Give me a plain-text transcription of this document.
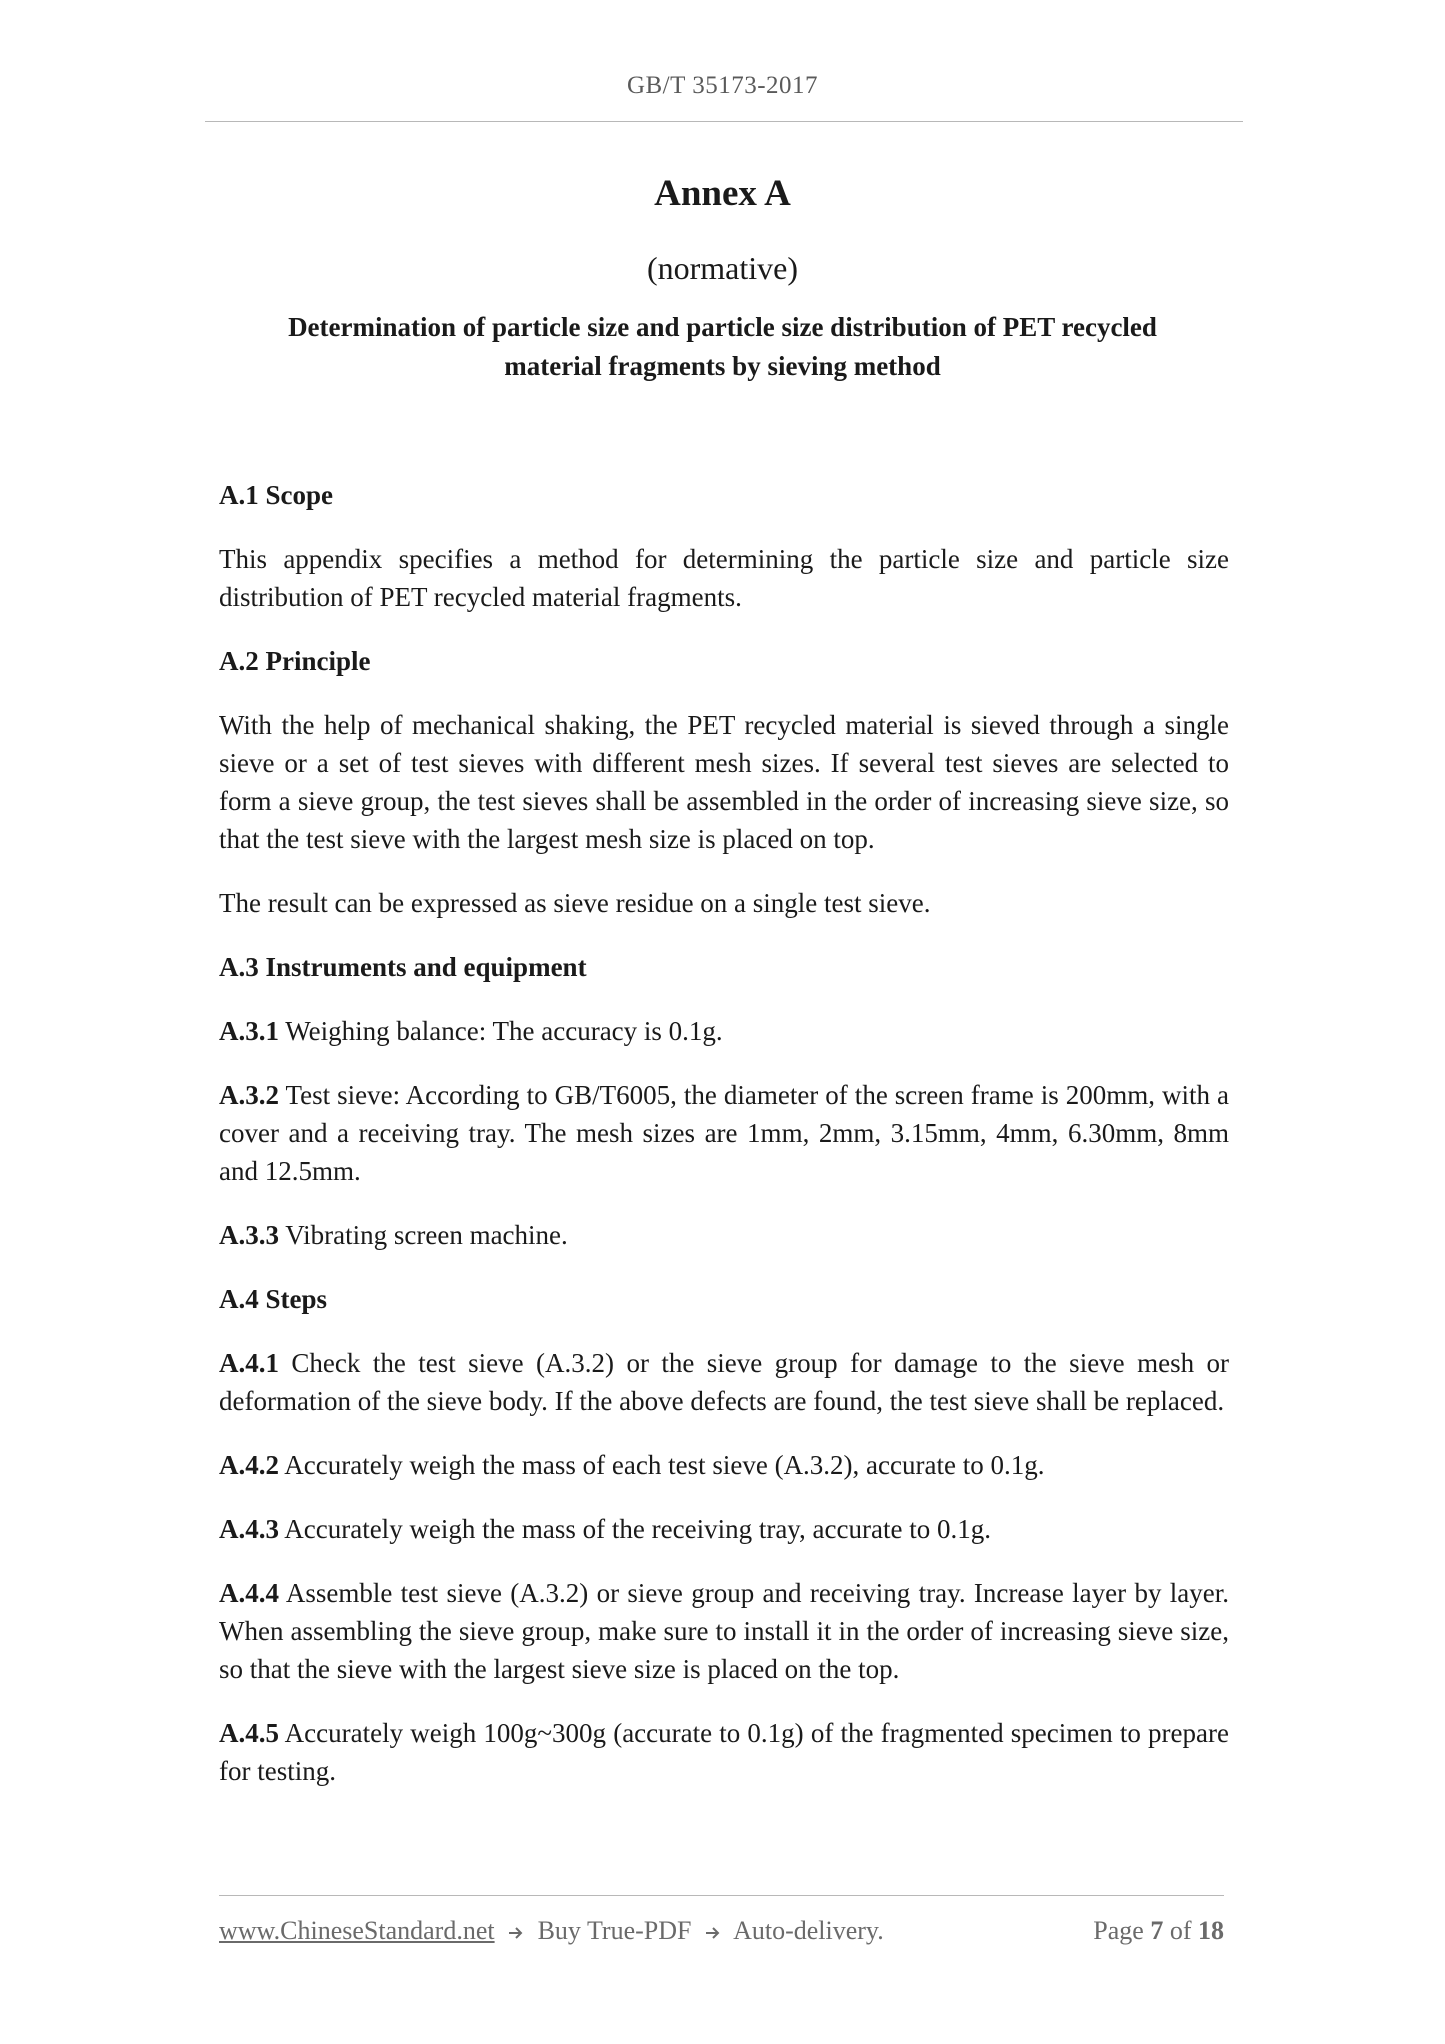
GB/T 35173-2017
Annex A
(normative)
Determination of particle size and particle size distribution of PET recycled material fragments by sieving method
A.1 Scope

This appendix specifies a method for determining the particle size and particle size distribution of PET recycled material fragments.

A.2 Principle

With the help of mechanical shaking, the PET recycled material is sieved through a single sieve or a set of test sieves with different mesh sizes. If several test sieves are selected to form a sieve group, the test sieves shall be assembled in the order of increasing sieve size, so that the test sieve with the largest mesh size is placed on top.

The result can be expressed as sieve residue on a single test sieve.

A.3 Instruments and equipment

A.3.1 Weighing balance: The accuracy is 0.1g.

A.3.2 Test sieve: According to GB/T6005, the diameter of the screen frame is 200mm, with a cover and a receiving tray. The mesh sizes are 1mm, 2mm, 3.15mm, 4mm, 6.30mm, 8mm and 12.5mm.

A.3.3 Vibrating screen machine.

A.4 Steps

A.4.1 Check the test sieve (A.3.2) or the sieve group for damage to the sieve mesh or deformation of the sieve body. If the above defects are found, the test sieve shall be replaced.

A.4.2 Accurately weigh the mass of each test sieve (A.3.2), accurate to 0.1g.

A.4.3 Accurately weigh the mass of the receiving tray, accurate to 0.1g.

A.4.4 Assemble test sieve (A.3.2) or sieve group and receiving tray. Increase layer by layer. When assembling the sieve group, make sure to install it in the order of increasing sieve size, so that the sieve with the largest sieve size is placed on the top.

A.4.5 Accurately weigh 100g~300g (accurate to 0.1g) of the fragmented specimen to prepare for testing.

www.ChineseStandard.net Buy True-PDF Auto-delivery.	Page 7 of 18
